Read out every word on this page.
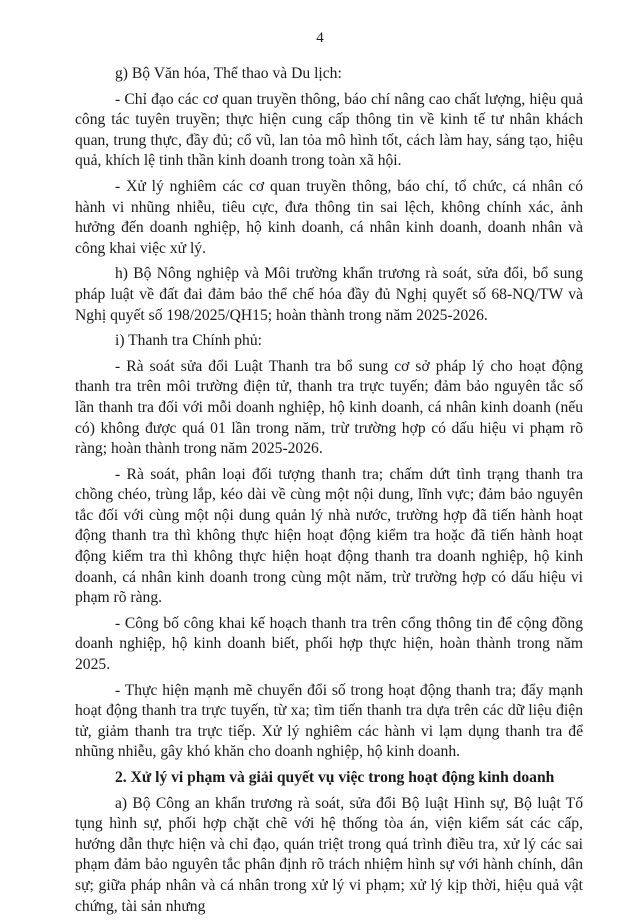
4

g) Bộ Văn hóa, Thể thao và Du lịch:

- Chỉ đạo các cơ quan truyền thông, báo chí nâng cao chất lượng, hiệu quả công tác tuyên truyền; thực hiện cung cấp thông tin về kinh tế tư nhân khách quan, trung thực, đầy đủ; cổ vũ, lan tỏa mô hình tốt, cách làm hay, sáng tạo, hiệu quả, khích lệ tinh thần kinh doanh trong toàn xã hội.

- Xử lý nghiêm các cơ quan truyền thông, báo chí, tổ chức, cá nhân có hành vi nhũng nhiễu, tiêu cực, đưa thông tin sai lệch, không chính xác, ảnh hưởng đến doanh nghiệp, hộ kinh doanh, cá nhân kinh doanh, doanh nhân và công khai việc xử lý.

h) Bộ Nông nghiệp và Môi trường khẩn trương rà soát, sửa đổi, bổ sung pháp luật về đất đai đảm bảo thể chế hóa đầy đủ Nghị quyết số 68-NQ/TW và Nghị quyết số 198/2025/QH15; hoàn thành trong năm 2025-2026.

i) Thanh tra Chính phủ:

- Rà soát sửa đổi Luật Thanh tra bổ sung cơ sở pháp lý cho hoạt động thanh tra trên môi trường điện tử, thanh tra trực tuyến; đảm bảo nguyên tắc số lần thanh tra đối với mỗi doanh nghiệp, hộ kinh doanh, cá nhân kinh doanh (nếu có) không được quá 01 lần trong năm, trừ trường hợp có dấu hiệu vi phạm rõ ràng; hoàn thành trong năm 2025-2026.

- Rà soát, phân loại đối tượng thanh tra; chấm dứt tình trạng thanh tra chồng chéo, trùng lắp, kéo dài về cùng một nội dung, lĩnh vực; đảm bảo nguyên tắc đối với cùng một nội dung quản lý nhà nước, trường hợp đã tiến hành hoạt động thanh tra thì không thực hiện hoạt động kiểm tra hoặc đã tiến hành hoạt động kiểm tra thì không thực hiện hoạt động thanh tra doanh nghiệp, hộ kinh doanh, cá nhân kinh doanh trong cùng một năm, trừ trường hợp có dấu hiệu vi phạm rõ ràng.

- Công bố công khai kế hoạch thanh tra trên cổng thông tin để cộng đồng doanh nghiệp, hộ kinh doanh biết, phối hợp thực hiện, hoàn thành trong năm 2025.

- Thực hiện mạnh mẽ chuyển đổi số trong hoạt động thanh tra; đẩy mạnh hoạt động thanh tra trực tuyến, từ xa; tìm tiến thanh tra dựa trên các dữ liệu điện tử, giảm thanh tra trực tiếp. Xử lý nghiêm các hành vi lạm dụng thanh tra để nhũng nhiễu, gây khó khăn cho doanh nghiệp, hộ kinh doanh.

2. Xử lý vi phạm và giải quyết vụ việc trong hoạt động kinh doanh

a) Bộ Công an khẩn trương rà soát, sửa đổi Bộ luật Hình sự, Bộ luật Tố tụng hình sự, phối hợp chặt chẽ với hệ thống tòa án, viện kiểm sát các cấp, hướng dẫn thực hiện và chỉ đạo, quán triệt trong quá trình điều tra, xử lý các sai phạm đảm bảo nguyên tắc phân định rõ trách nhiệm hình sự với hành chính, dân sự; giữa pháp nhân và cá nhân trong xử lý vi phạm; xử lý kịp thời, hiệu quả vật chứng, tài sản nhưng
